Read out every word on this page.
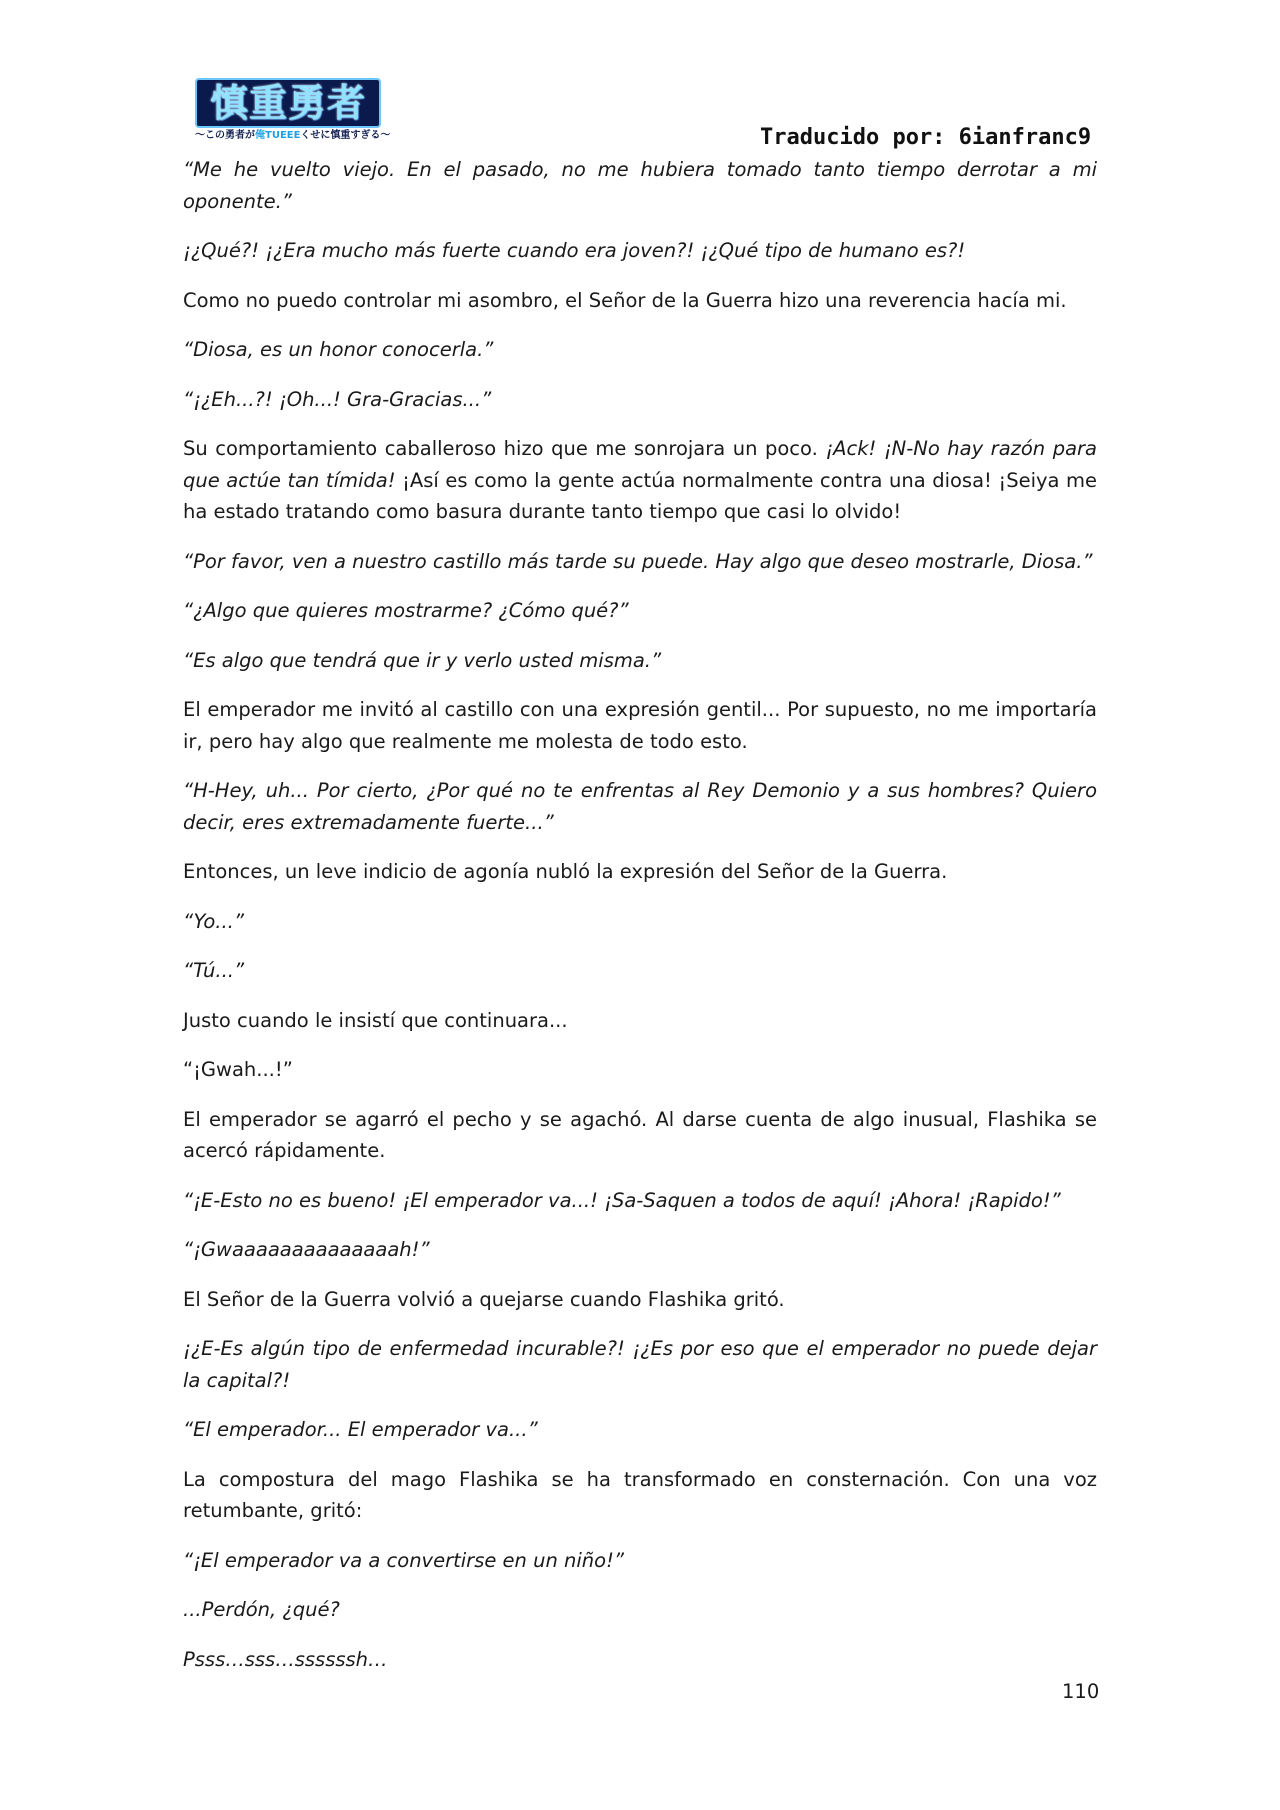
慎重勇者
〜この勇者が俺TUEEEくせに慎重すぎる〜	Traducido por: 6ianfranc9

“Me he vuelto viejo. En el pasado, no me hubiera tomado tanto tiempo derrotar a mi oponente.”

¡¿Qué?! ¡¿Era mucho más fuerte cuando era joven?! ¡¿Qué tipo de humano es?!

Como no puedo controlar mi asombro, el Señor de la Guerra hizo una reverencia hacía mi.

“Diosa, es un honor conocerla.”

“¡¿Eh...?! ¡Oh...! Gra-Gracias...”

Su comportamiento caballeroso hizo que me sonrojara un poco. ¡Ack! ¡N-No hay razón para que actúe tan tímida! ¡Así es como la gente actúa normalmente contra una diosa! ¡Seiya me ha estado tratando como basura durante tanto tiempo que casi lo olvido!

“Por favor, ven a nuestro castillo más tarde su puede. Hay algo que deseo mostrarle, Diosa.”

“¿Algo que quieres mostrarme? ¿Cómo qué?”

“Es algo que tendrá que ir y verlo usted misma.”

El emperador me invitó al castillo con una expresión gentil... Por supuesto, no me importaría ir, pero hay algo que realmente me molesta de todo esto.

“H-Hey, uh... Por cierto, ¿Por qué no te enfrentas al Rey Demonio y a sus hombres? Quiero decir, eres extremadamente fuerte...”

Entonces, un leve indicio de agonía nubló la expresión del Señor de la Guerra.

“Yo...”

“Tú...”

Justo cuando le insistí que continuara...

“¡Gwah...!”

El emperador se agarró el pecho y se agachó. Al darse cuenta de algo inusual, Flashika se acercó rápidamente.

“¡E-Esto no es bueno! ¡El emperador va...! ¡Sa-Saquen a todos de aquí! ¡Ahora! ¡Rapido!”

“¡Gwaaaaaaaaaaaaaah!”

El Señor de la Guerra volvió a quejarse cuando Flashika gritó.

¡¿E-Es algún tipo de enfermedad incurable?! ¡¿Es por eso que el emperador no puede dejar la capital?!

“El emperador... El emperador va...”

La compostura del mago Flashika se ha transformado en consternación. Con una voz retumbante, gritó:

“¡El emperador va a convertirse en un niño!”

...Perdón, ¿qué?

Psss…sss…ssssssh…

110
